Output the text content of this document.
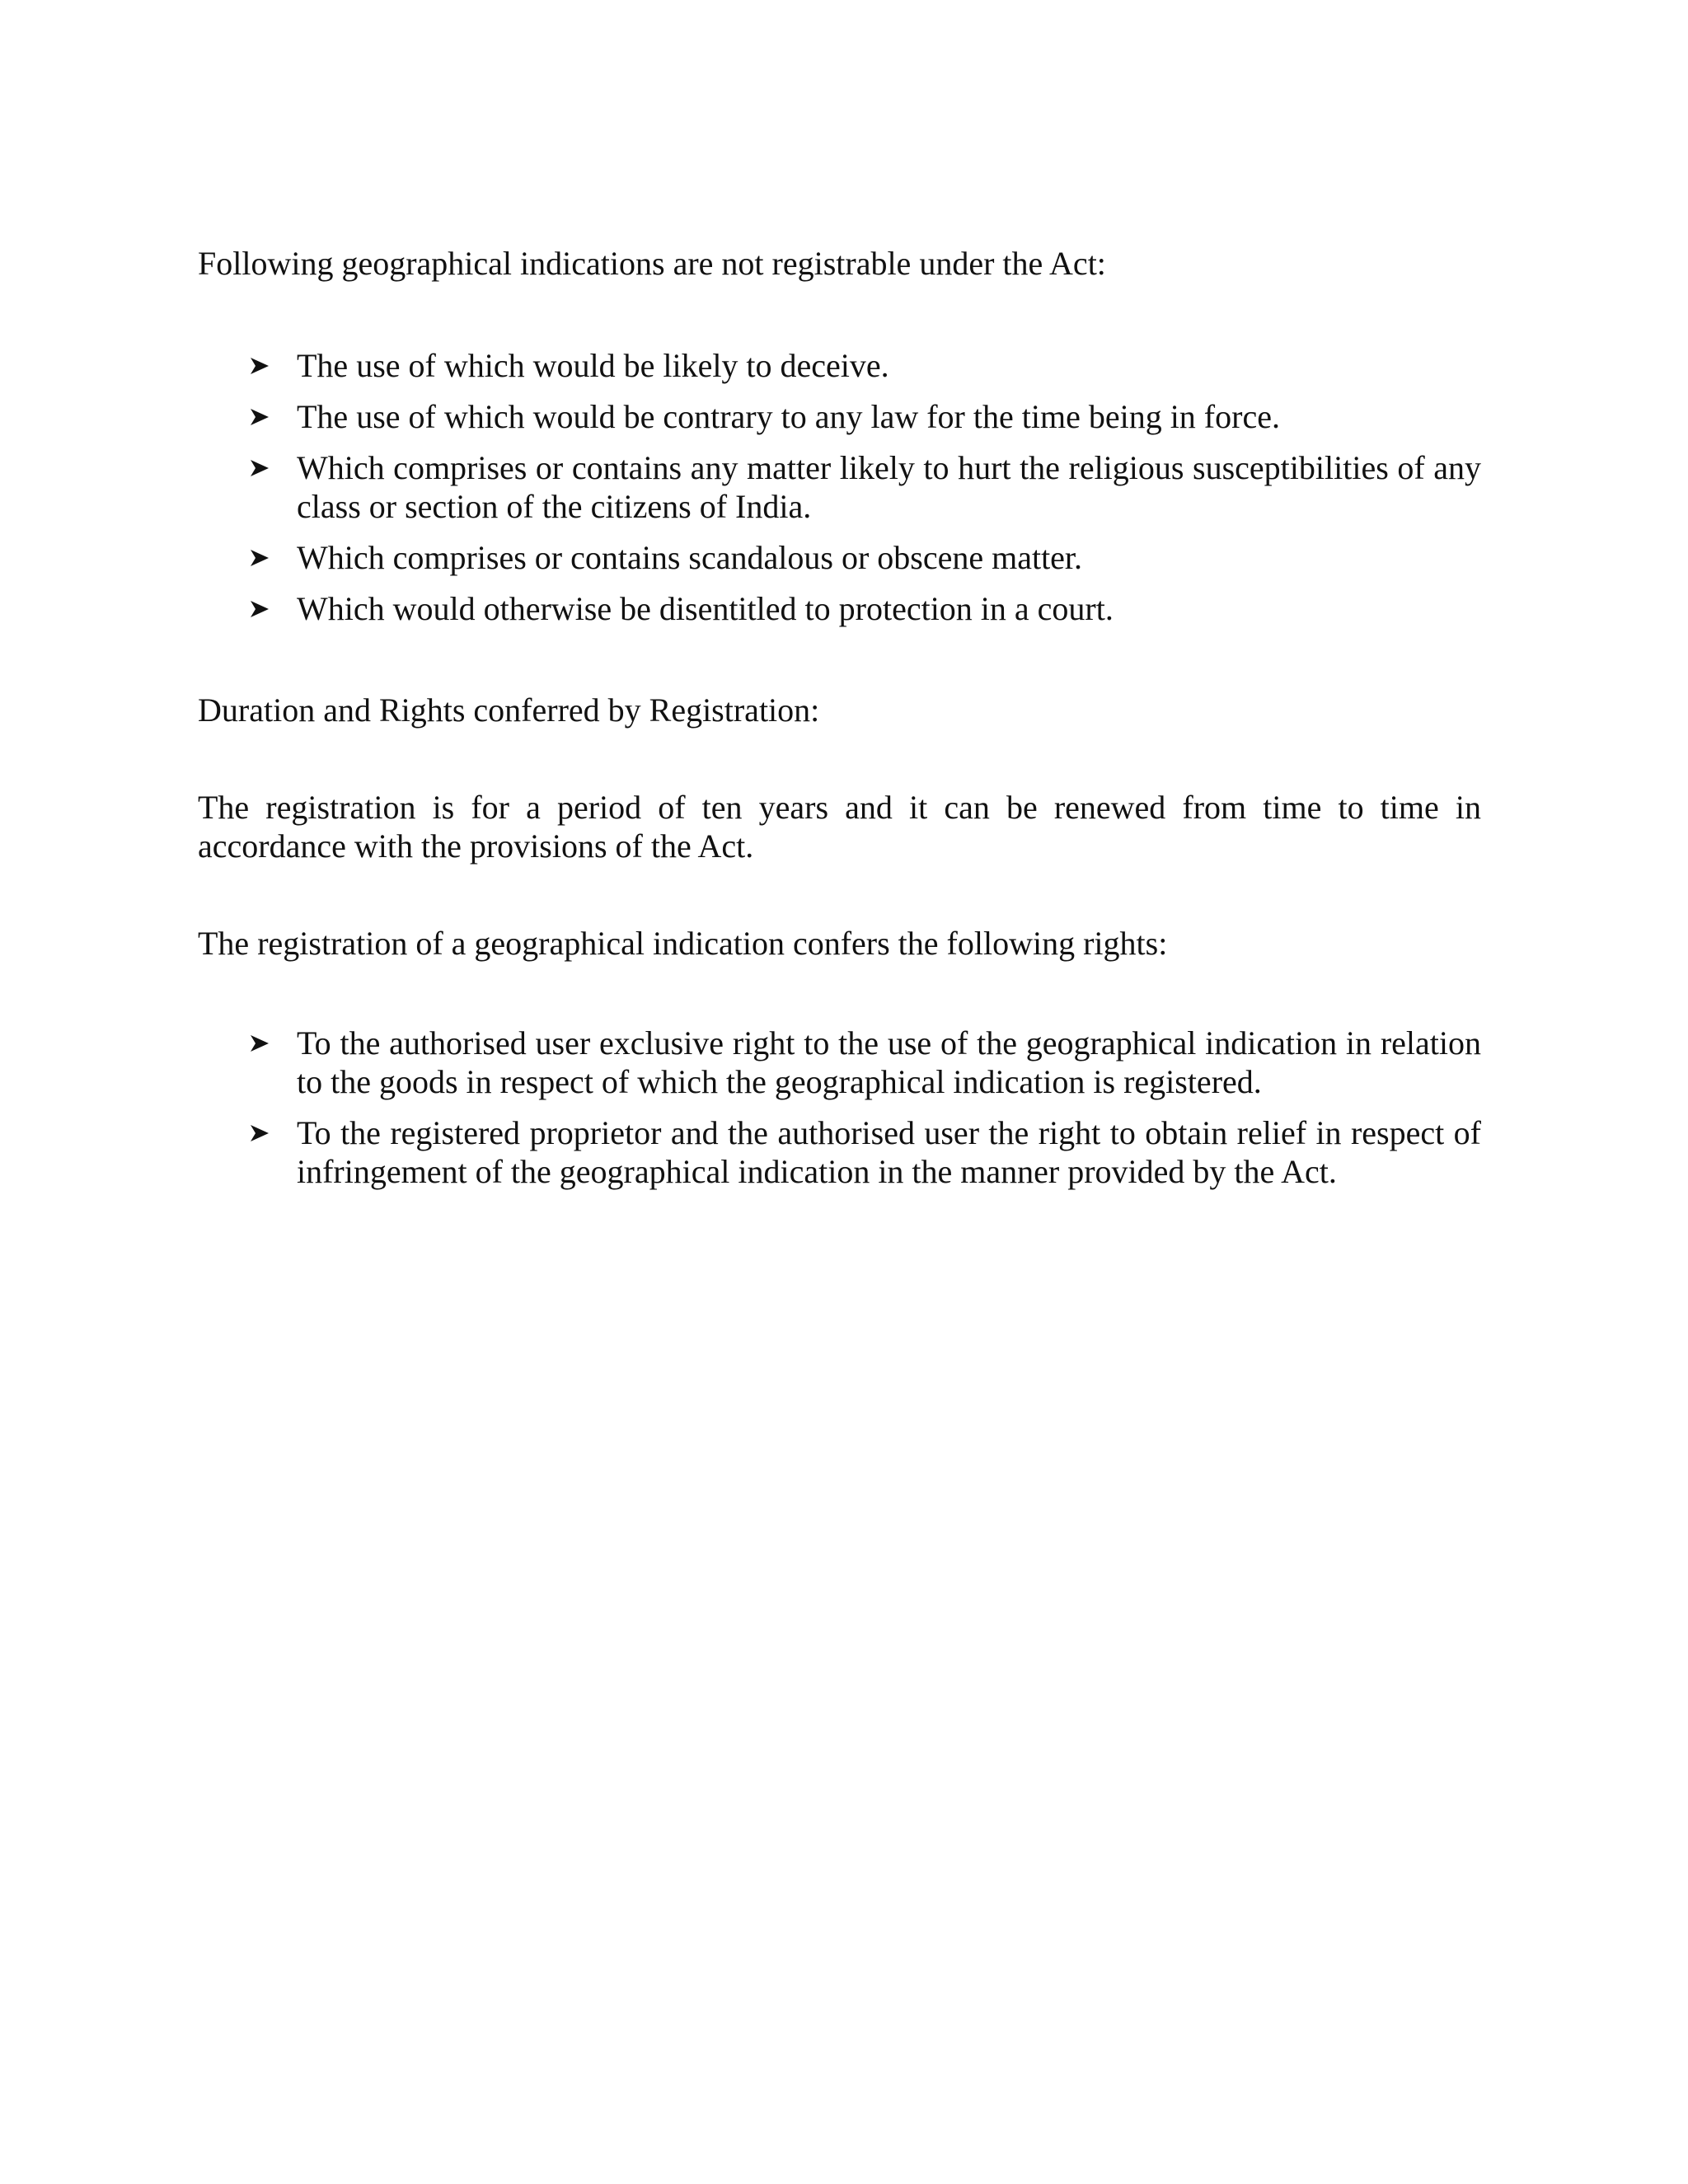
Following geographical indications are not registrable under the Act:

The use of which would be likely to deceive.
The use of which would be contrary to any law for the time being in force.
Which comprises or contains any matter likely to hurt the religious susceptibilities of any class or section of the citizens of India.
Which comprises or contains scandalous or obscene matter.
Which would otherwise be disentitled to protection in a court.

Duration and Rights conferred by Registration:

The registration is for a period of ten years and it can be renewed from time to time in accordance with the provisions of the Act.

The registration of a geographical indication confers the following rights:

To the authorised user exclusive right to the use of the geographical indication in relation to the goods in respect of which the geographical indication is registered.
To the registered proprietor and the authorised user the right to obtain relief in respect of infringement of the geographical indication in the manner provided by the Act.
